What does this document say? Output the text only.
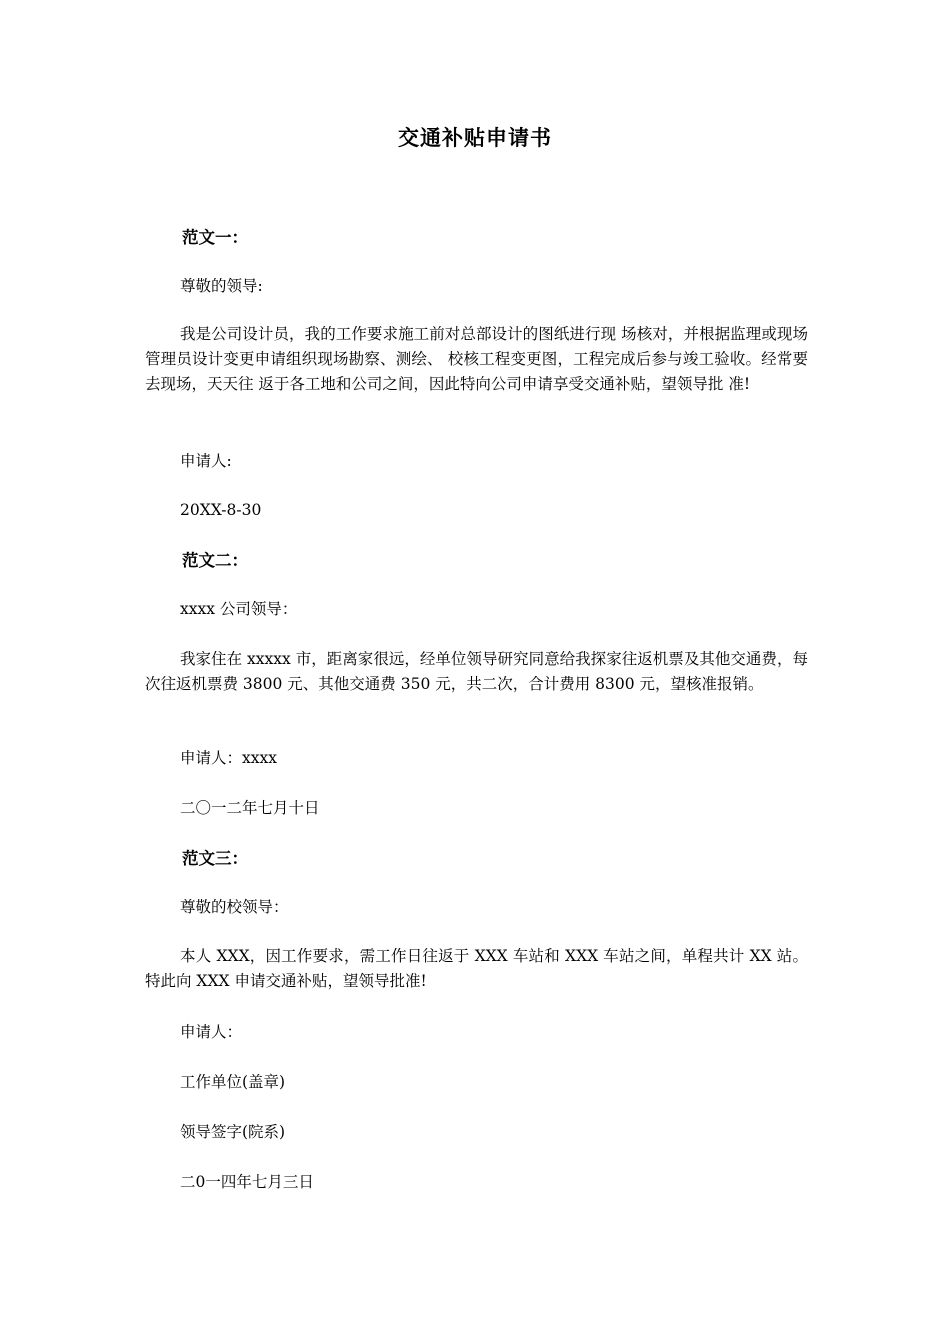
交通补贴申请书
范文一：
尊敬的领导:
我是公司设计员，我的工作要求施工前对总部设计的图纸进行现 场核对，并根据监理或现场管理员设计变更申请组织现场勘察、测绘、 校核工程变更图，工程完成后参与竣工验收。经常要去现场，天天往 返于各工地和公司之间，因此特向公司申请享受交通补贴，望领导批 准!
申请人:
20XX-8-30
范文二：
xxxx 公司领导：
我家住在 xxxxx 市，距离家很远，经单位领导研究同意给我探家往返机票及其他交通费，每次往返机票费 3800 元、其他交通费 350 元，共二次，合计费用 8300 元，望核准报销。
申请人：xxxx
二〇一二年七月十日
范文三：
尊敬的校领导：
本人 XXX，因工作要求，需工作日往返于 XXX 车站和 XXX 车站之间，单程共计 XX 站。特此向 XXX 申请交通补贴，望领导批准!
申请人：
工作单位(盖章)
领导签字(院系)
二0一四年七月三日
